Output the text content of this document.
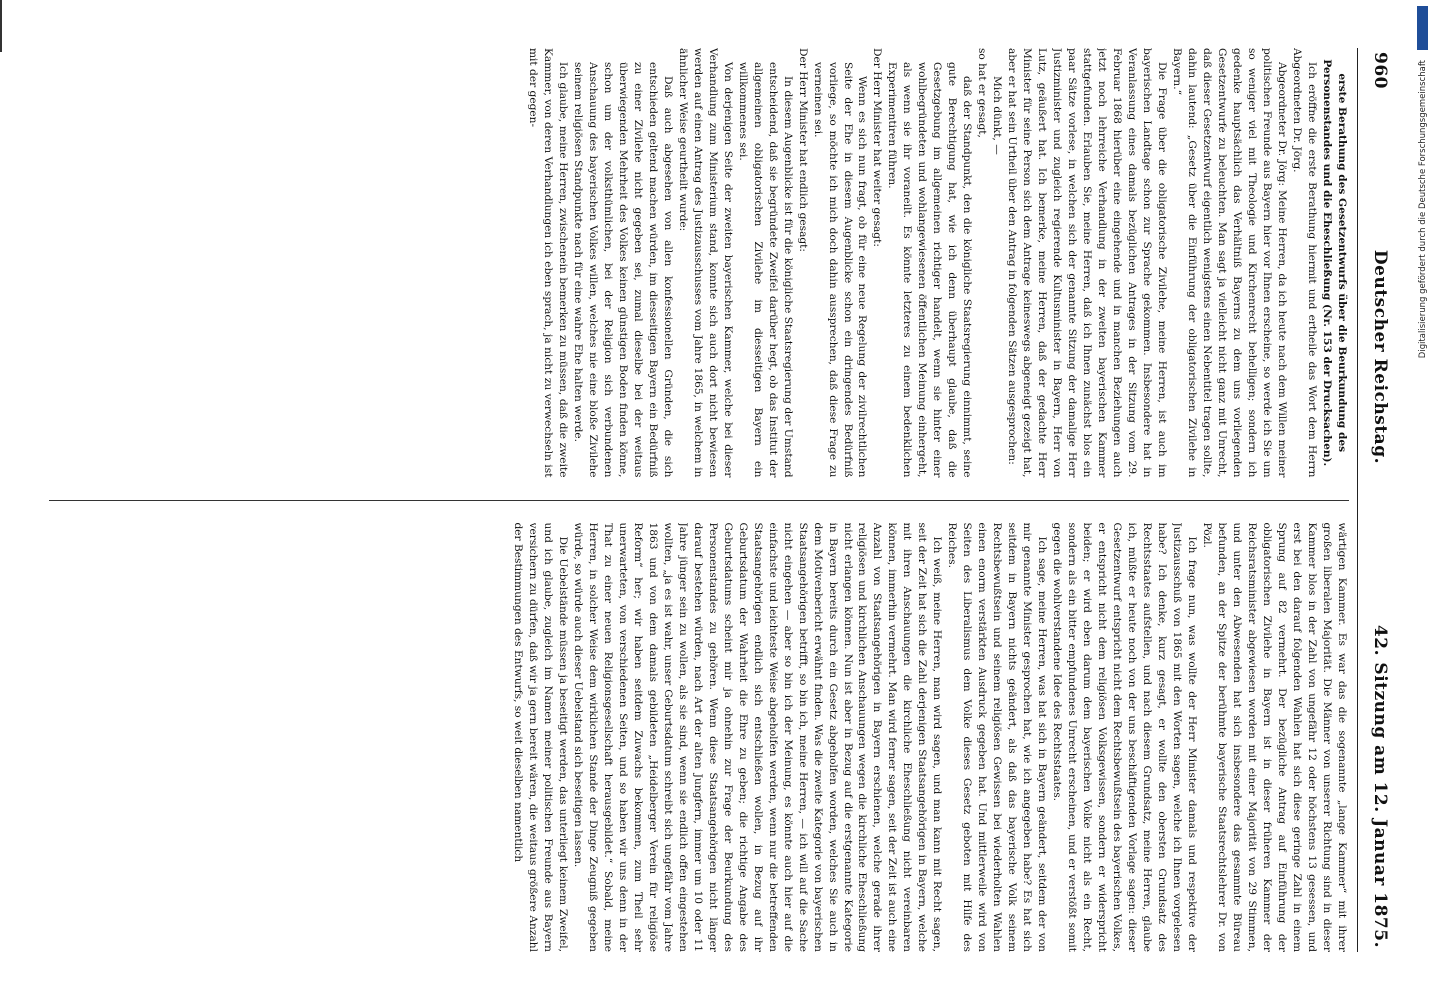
960
Deutscher Reichstag.
42. Sitzung am 12. Januar 1875.

erste Berathung des Gesetzentwurfs über die Beurkundung des Personenstandes und die Eheschließung (Nr. 153 der Drucksachen).

Ich eröffne die erste Berathung hiermit und ertheile das Wort dem Herrn Abgeordneten Dr. Jörg.

Abgeordneter Dr. Jörg: Meine Herren, da ich heute nach dem Willen meiner politischen Freunde aus Bayern hier vor Ihnen erscheine, so werde ich Sie um so weniger viel mit Theologie und Kirchenrecht behelligen; sondern ich gedenke hauptsächlich das Verhältniß Bayerns zu dem uns vorliegenden Gesetzentwurfe zu beleuchten. Man sagt ja vielleicht nicht ganz mit Unrecht, daß dieser Gesetzentwurf eigentlich wenigstens einen Nebentitel tragen sollte, dahin lautend: „Gesetz über die Einführung der obligatorischen Zivilehe in Bayern.“

Die Frage über die obligatorische Zivilehe, meine Herren, ist auch im bayerischen Landtage schon zur Sprache gekommen. Insbesondere hat in Veranlassung eines damals bezüglichen Antrages in der Sitzung vom 29. Februar 1868 hierüber eine eingehende und in manchen Beziehungen auch jetzt noch lehrreiche Verhandlung in der zweiten bayerischen Kammer stattgefunden. Erlauben Sie, meine Herren, daß ich Ihnen zunächst blos ein paar Sätze vorlese, in welchen sich der genannte Sitzung der damalige Herr Justizminister und zugleich regierende Kultusminister in Bayern, Herr von Lutz, geäußert hat. Ich bemerke, meine Herren, daß der gedachte Herr Minister für seine Person sich dem Antrage keineswegs abgeneigt gezeigt hat, aber er hat sein Urtheil über den Antrag in folgenden Sätzen ausgesprochen:

Mich dünkt, —

so hat er gesagt,

daß der Standpunkt, den die königliche Staatsregierung einnimmt, seine gute Berechtigung hat, wie ich denn überhaupt glaube, daß die Gesetzgebung im allgemeinen richtiger handelt, wenn sie hinter einer wohlbegründeten und wohlangewiesenen öffentlichen Meinung einhergeht, als wenn sie ihr voraneilt. Es könnte letzteres zu einem bedenklichen Experimentiren führen.

Der Herr Minister hat weiter gesagt:

Wenn es sich nun fragt, ob für eine neue Regelung der zivilrechtlichen Seite der Ehe in diesem Augenblicke schon ein dringendes Bedürfniß vorliege, so möchte ich mich doch dahin aussprechen, daß diese Frage zu verneinen sei.

Der Herr Minister hat endlich gesagt:

In diesem Augenblicke ist für die königliche Staatsregierung der Umstand entscheidend, daß sie begründete Zweifel darüber hegt, ob das Institut der allgemeinen obligatorischen Zivilehe im diesseitigen Bayern ein willkommenes sei.

Von derjenigen Seite der zweiten bayerischen Kammer, welche bei dieser Verhandlung zum Ministerium stand, konnte sich auch dort nicht bewiesen werden auf einen Antrag des Justizausschusses vom Jahre 1865, in welchem in ähnlicher Weise geurtheilt wurde:

Daß auch abgesehen von allen konfessionellen Gründen, die sich entschieden geltend machen würden, im diesseitigen Bayern ein Bedürfniß zu einer Zivilehe nicht gegeben sei, zumal dieselbe bei der weitaus überwiegenden Mehrheit des Volkes keinen günstigen Boden finden könne, schon um der volksthümlichen, bei der Religion sich verbundenen Anschauung des bayerischen Volkes willen, welches nie eine bloße Zivilehe seinem religiösen Standpunkte nach für eine wahre Ehe halten werde.

Ich glaube, meine Herren, zwischenein bemerken zu müssen, daß die zweite Kammer, von deren Verhandlungen ich eben sprach, ja nicht zu verwechseln ist mit der gegen-

wärtigen Kammer. Es war das die sogenannte „lange Kammer“ mit ihrer großen liberalen Majorität. Die Männer von unserer Richtung sind in dieser Kammer blos in der Zahl von ungefähr 12 oder höchstens 13 gesessen, und erst bei den darauf folgenden Wahlen hat sich diese geringe Zahl in einem Sprung auf 82 vermehrt. Der bezügliche Antrag auf Einführung der obligatorischen Zivilehe in Bayern ist in dieser früheren Kammer der Reichsratsminister abgewiesen worden mit einer Majorität von 29 Stimmen, und unter den Abwesenden hat sich insbesondere das gesammte Büreau befunden, an der Spitze der berühmte bayerische Staatsrechtslehrer Dr. von Pözl.

Ich frage nun, was wollte der Herr Minister damals und respektive der Justizausschuß von 1865 mit den Worten sagen, welche ich Ihnen vorgelesen habe? Ich denke, kurz gesagt, er wollte den obersten Grundsatz des Rechtsstaates aufstellen, und nach diesem Grundsatz, meine Herren, glaube ich, müßte er heute noch von der uns beschäftigenden Vorlage sagen: dieser Gesetzentwurf entspricht nicht dem Rechtsbewußtsein des bayerischen Volkes, er entspricht nicht dem religiösen Volksgewissen, sondern er widerspricht beiden; er wird eben darum dem bayerischen Volke nicht als ein Recht, sondern als ein bitter empfundenes Unrecht erscheinen, und er verstößt somit gegen die wohlverstandene Idee des Rechtsstaates.

Ich sage, meine Herren, was hat sich in Bayern geändert, seitdem der von mir genannte Minister gesprochen hat, wie ich angegeben habe? Es hat sich seitdem in Bayern nichts geändert, als daß das bayerische Volk seinem Rechtsbewußtsein und seinem religiösen Gewissen bei wiederholten Wahlen einen enorm verstärkten Ausdruck gegeben hat. Und mittlerweile wird von Seiten des Liberalismus dem Volke dieses Gesetz geboten mit Hilfe des Reiches.

Ich weiß, meine Herren, man wird sagen, und man kann mit Recht sagen, seit der Zeit hat sich die Zahl derjenigen Staatsangehörigen in Bayern, welche mit ihren Anschauungen die kirchliche Eheschließung nicht vereinbaren können, immerhin vermehrt. Man wird ferner sagen, seit der Zeit ist auch eine Anzahl von Staatsangehörigen in Bayern erschienen, welche gerade ihrer religiösen und kirchlichen Anschauungen wegen die kirchliche Eheschließung nicht erlangen können. Nun ist aber in Bezug auf die erstgenannte Kategorie in Bayern bereits durch ein Gesetz abgeholfen worden, welches Sie auch in dem Motivenbericht erwähnt finden. Was die zweite Kategorie von bayerischen Staatsangehörigen betrifft, so bin ich, meine Herren, — ich will auf die Sache nicht eingehen — aber so bin ich der Meinung, es könnte auch hier auf die einfachste und leichteste Weise abgeholfen werden, wenn nur die betreffenden Staatsangehörigen endlich sich entschließen wollen, in Bezug auf ihr Geburtsdatum der Wahrheit die Ehre zu geben; die richtige Angabe des Geburtsdatums scheint mir ja ohnehin zur Frage der Beurkundung des Personenstandes zu gehören. Wenn diese Staatsangehörigen nicht länger darauf bestehen würden, nach Art der alten Jungfern, immer um 10 oder 11 Jahre jünger sein zu wollen, als sie sind, wenn sie endlich offen eingestehen wollten, „ja es ist wahr, unser Geburtsdatum schreibt sich ungefähr vom Jahre 1863 und von dem damals gebildeten „Heidelberger Verein für religiöse Reform“ her; wir haben seitdem Zuwachs bekommen, zum Theil sehr unerwarteten, von verschiedenen Seiten, und so haben wir uns denn in der That zu einer neuen Religionsgesellschaft herausgebildet.“ Sobald, meine Herren, in solcher Weise dem wirklichen Stande der Dinge Zeugniß gegeben würde, so würde auch dieser Uebelstand sich beseitigen lassen.

Die Uebelstände müssen ja beseitigt werden, das unterliegt keinem Zweifel, und ich glaube, zugleich im Namen meiner politischen Freunde aus Bayern versichern zu dürfen, daß wir ja gern bereit wären, die weitaus größere Anzahl der Bestimmungen des Entwurfs, so weit dieselben namentlich

Digitalisierung gefördert durch die Deutsche Forschungsgemeinschaft
